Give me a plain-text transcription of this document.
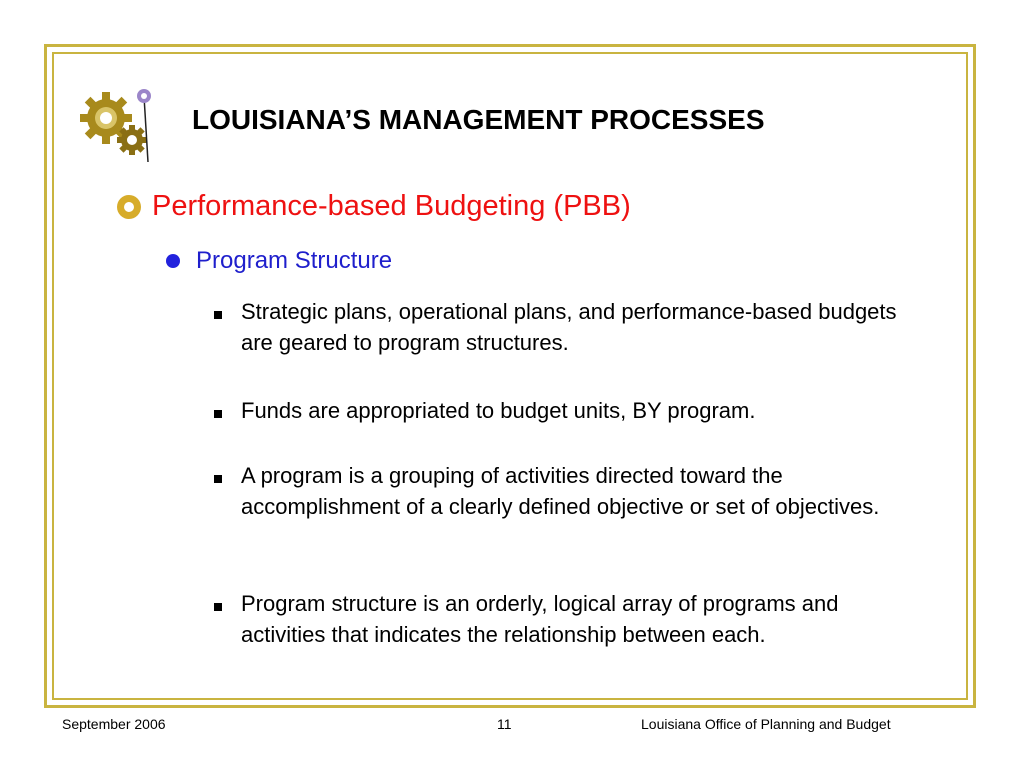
LOUISIANA’S MANAGEMENT PROCESSES
Performance-based Budgeting (PBB)
Program Structure
Strategic plans, operational plans, and performance-based budgets are geared to program structures.
Funds are appropriated to budget units, BY program.
A program is a grouping of activities directed toward the accomplishment of a clearly defined objective or set of objectives.
Program structure is an orderly, logical array of programs and activities that indicates the relationship between each.
September 2006	11	Louisiana Office of Planning and Budget
